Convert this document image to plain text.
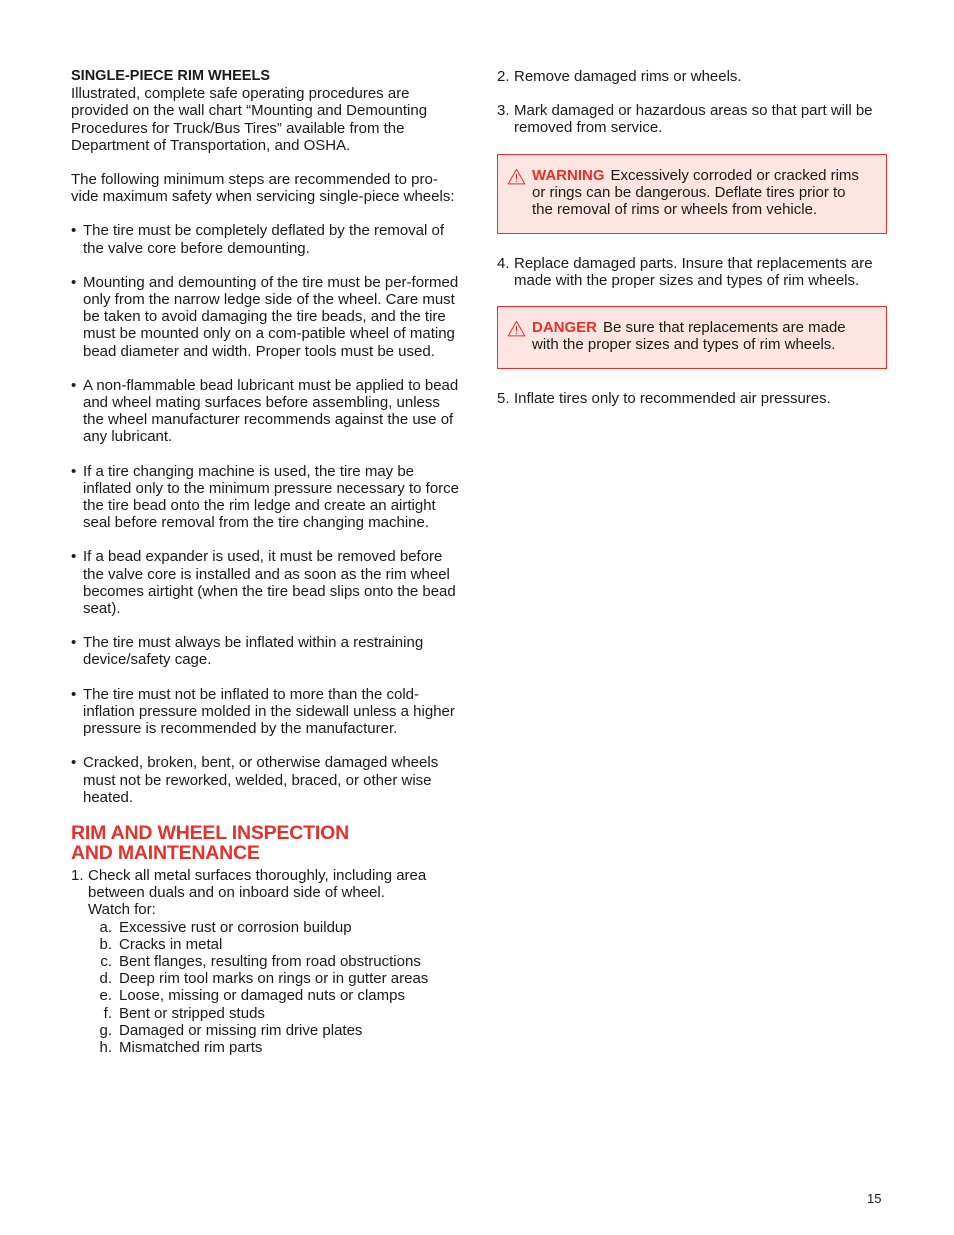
SINGLE-PIECE RIM WHEELS

Illustrated, complete safe operating procedures are provided on the wall chart “Mounting and Demounting Procedures for Truck/Bus Tires” available from the Department of Transportation, and OSHA.

The following minimum steps are recommended to pro-vide maximum safety when servicing single-piece wheels:

• The tire must be completely deflated by the removal of the valve core before demounting.
• Mounting and demounting of the tire must be per-formed only from the narrow ledge side of the wheel. Care must be taken to avoid damaging the tire beads, and the tire must be mounted only on a com-patible wheel of mating bead diameter and width. Proper tools must be used.
• A non-flammable bead lubricant must be applied to bead and wheel mating surfaces before assembling, unless the wheel manufacturer recommends against the use of any lubricant.
• If a tire changing machine is used, the tire may be inflated only to the minimum pressure necessary to force the tire bead onto the rim ledge and create an airtight seal before removal from the tire changing machine.
• If a bead expander is used, it must be removed before the valve core is installed and as soon as the rim wheel becomes airtight (when the tire bead slips onto the bead seat).
• The tire must always be inflated within a restraining device/safety cage.
• The tire must not be inflated to more than the cold-inflation pressure molded in the sidewall unless a higher pressure is recommended by the manufacturer.
• Cracked, broken, bent, or otherwise damaged wheels must not be reworked, welded, braced, or other wise heated.
RIM AND WHEEL INSPECTION
AND MAINTENANCE
1. Check all metal surfaces thoroughly, including area between duals and on inboard side of wheel.
Watch for:
a. Excessive rust or corrosion buildup
b. Cracks in metal
c. Bent flanges, resulting from road obstructions
d. Deep rim tool marks on rings or in gutter areas
e. Loose, missing or damaged nuts or clamps
f. Bent or stripped studs
g. Damaged or missing rim drive plates
h. Mismatched rim parts
2. Remove damaged rims or wheels.
3. Mark damaged or hazardous areas so that part will be removed from service.
WARNING Excessively corroded or cracked rims or rings can be dangerous. Deflate tires prior to the removal of rims or wheels from vehicle.
4. Replace damaged parts. Insure that replacements are made with the proper sizes and types of rim wheels.
DANGER Be sure that replacements are made with the proper sizes and types of rim wheels.
5. Inflate tires only to recommended air pressures.
15
